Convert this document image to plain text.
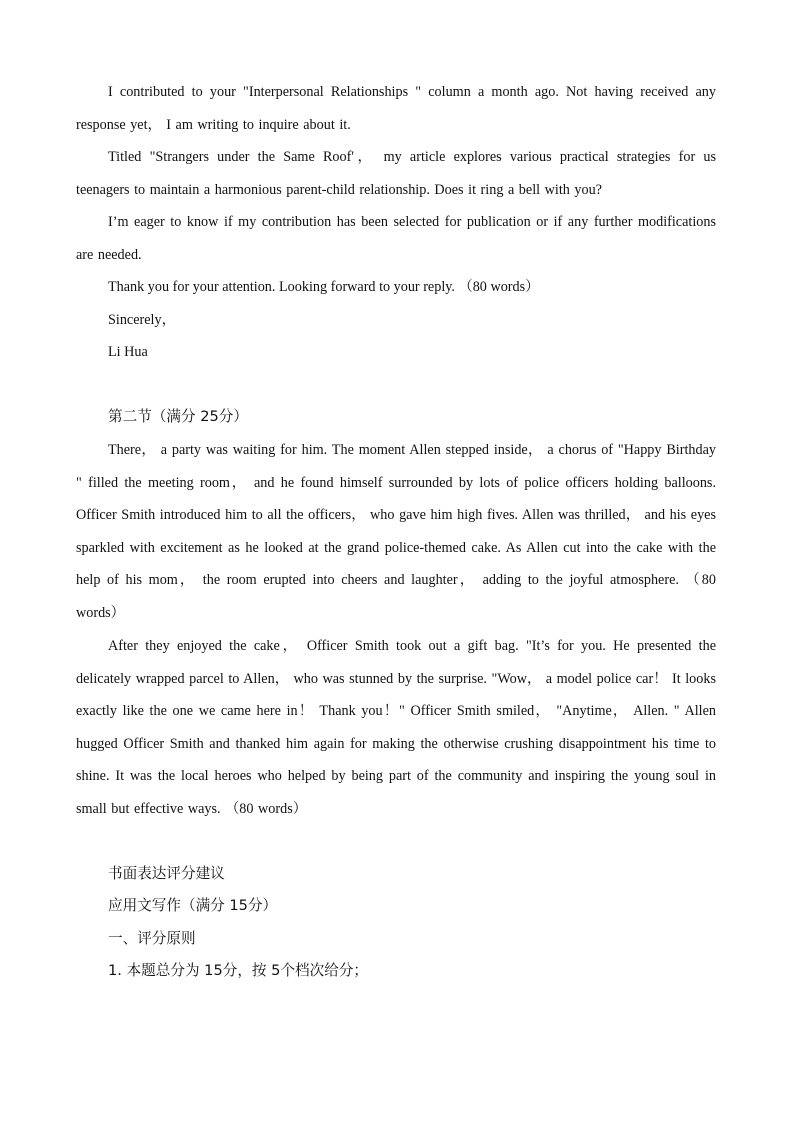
I contributed to your "Interpersonal Relationships " column a month ago. Not having received any response yet， I am writing to inquire about it.

Titled "Strangers under the Same Roof'， my article explores various practical strategies for us teenagers to maintain a harmonious parent-child relationship. Does it ring a bell with you?

I’m eager to know if my contribution has been selected for publication or if any further modifications are needed.

Thank you for your attention. Looking forward to your reply. （80 words）

Sincerely，

Li Hua

第二节（满分 25分）

There， a party was waiting for him. The moment Allen stepped inside， a chorus of "Happy Birthday " filled the meeting room， and he found himself surrounded by lots of police officers holding balloons. Officer Smith introduced him to all the officers， who gave him high fives. Allen was thrilled， and his eyes sparkled with excitement as he looked at the grand police-themed cake. As Allen cut into the cake with the help of his mom， the room erupted into cheers and laughter， adding to the joyful atmosphere. （80 words）

After they enjoyed the cake， Officer Smith took out a gift bag. "It’s for you. He presented the delicately wrapped parcel to Allen， who was stunned by the surprise. "Wow， a model police car！ It looks exactly like the one we came here in！ Thank you！" Officer Smith smiled， "Anytime， Allen. " Allen hugged Officer Smith and thanked him again for making the otherwise crushing disappointment his time to shine. It was the local heroes who helped by being part of the community and inspiring the young soul in small but effective ways. （80 words）

书面表达评分建议

应用文写作（满分 15分）

一、评分原则

1. 本题总分为 15分，按 5个档次给分；
